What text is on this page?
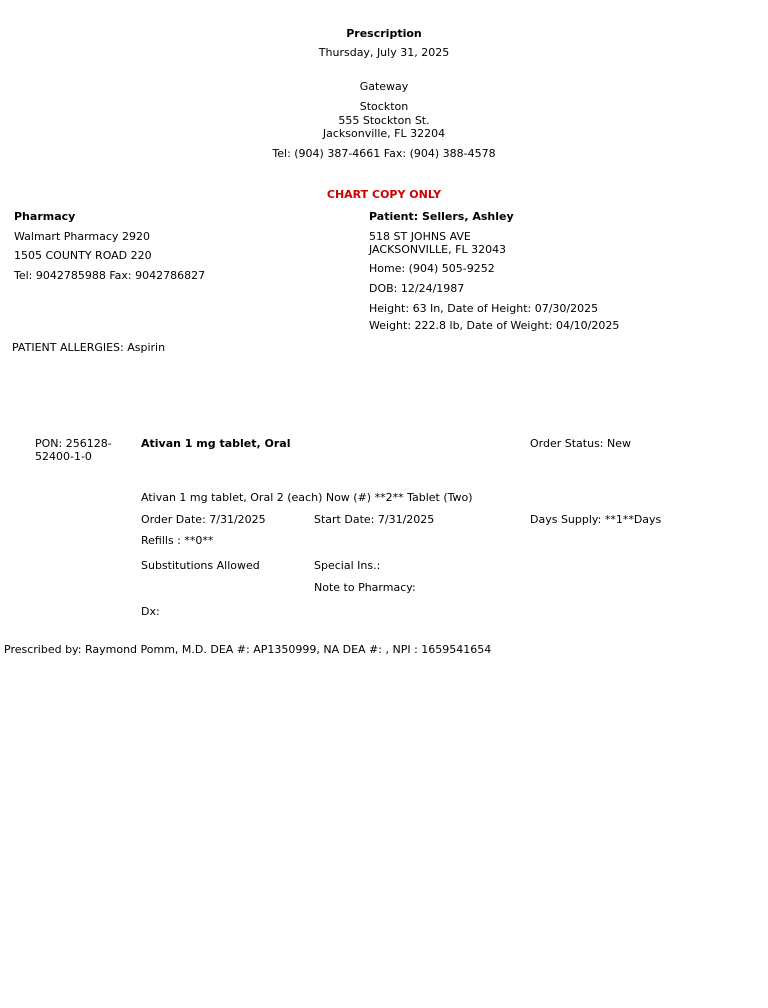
Prescription
Thursday, July 31, 2025
Gateway
Stockton
555 Stockton St.
Jacksonville, FL 32204
Tel: (904) 387-4661 Fax: (904) 388-4578
CHART COPY ONLY
Pharmacy
Walmart Pharmacy 2920
1505 COUNTY ROAD 220
Tel: 9042785988 Fax: 9042786827
Patient: Sellers, Ashley
518 ST JOHNS AVE
JACKSONVILLE, FL 32043
Home: (904) 505-9252
DOB: 12/24/1987
Height: 63 In, Date of Height: 07/30/2025
Weight: 222.8 lb, Date of Weight: 04/10/2025
PATIENT ALLERGIES: Aspirin
PON: 256128-52400-1-0
Ativan 1 mg tablet, Oral	Order Status: New
Ativan 1 mg tablet, Oral 2 (each) Now (#) **2** Tablet (Two)
Order Date: 7/31/2025	Start Date: 7/31/2025	Days Supply: **1**Days
Refills : **0**
Substitutions Allowed	Special Ins.:
Note to Pharmacy:
Dx:
Prescribed by: Raymond Pomm, M.D. DEA #: AP1350999, NA DEA #: , NPI : 1659541654
